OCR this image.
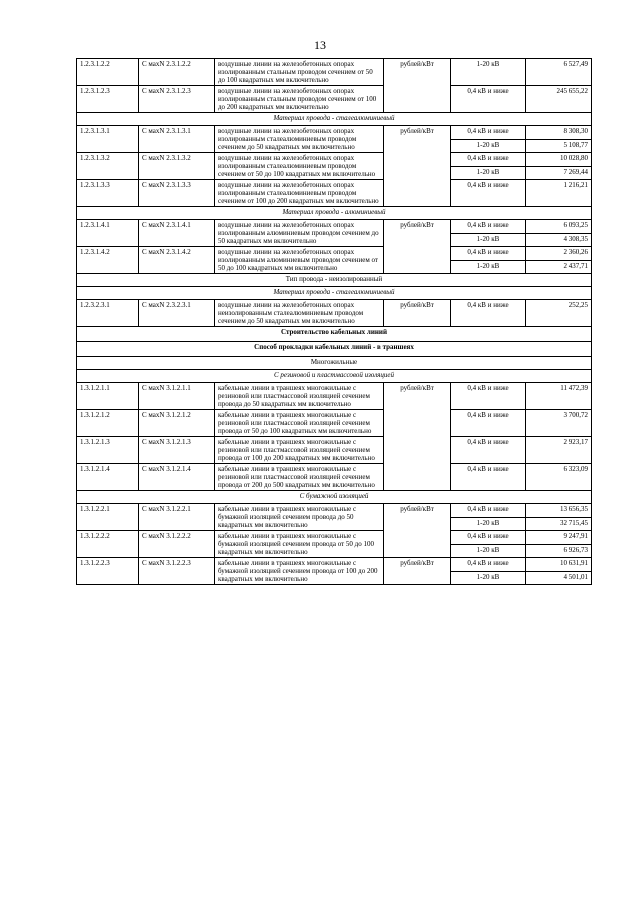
13
1.2.3.1.2.2	С махN 2.3.1.2.2	воздушные линии на железобетонных опорах изолированным стальным проводом сечением от 50 до 100 квадратных мм включительно	рублей/кВт	1-20 кВ	6 527,49
1.2.3.1.2.3	С махN 2.3.1.2.3	воздушные линии на железобетонных опорах изолированным стальным проводом сечением от 100 до 200 квадратных мм включительно		0,4 кВ и ниже	245 655,22
Материал провода - сталеалюминиевый					
1.2.3.1.3.1	С махN 2.3.1.3.1	воздушные линии на железобетонных опорах изолированным сталеалюминиевым проводом сечением до 50 квадратных мм включительно	рублей/кВт	0,4 кВ и ниже	8 308,30
				1-20 кВ	5 108,77
1.2.3.1.3.2	С махN 2.3.1.3.2	воздушные линии на железобетонных опорах изолированным сталеалюминиевым проводом сечением от 50 до 100 квадратных мм включительно		0,4 кВ и ниже	10 028,80
				1-20 кВ	7 269,44
1.2.3.1.3.3	С махN 2.3.1.3.3	воздушные линии на железобетонных опорах изолированным сталеалюминиевым проводом сечением от 100 до 200 квадратных мм включительно		0,4 кВ и ниже	1 216,21
Материал провода - алюминиевый					
1.2.3.1.4.1	С махN 2.3.1.4.1	воздушные линии на железобетонных опорах изолированным алюминиевым проводом сечением до 50 квадратных мм включительно	рублей/кВт	0,4 кВ и ниже	6 093,25
				1-20 кВ	4 308,35
1.2.3.1.4.2	С махN 2.3.1.4.2	воздушные линии на железобетонных опорах изолированным алюминиевым проводом сечением от 50 до 100 квадратных мм включительно		0,4 кВ и ниже	2 360,26
				1-20 кВ	2 437,71
Тип провода - неизолированный					
Материал провода - сталеалюминиевый					
1.2.3.2.3.1	С махN 2.3.2.3.1	воздушные линии на железобетонных опорах неизолированным сталеалюминиевым проводом сечением до 50 квадратных мм включительно	рублей/кВт	0,4 кВ и ниже	252,25
Строительство кабельных линий					
Способ прокладки кабельных линий - в траншеях					
Многожильные					
С резиновой и пластмассовой изоляцией					
1.3.1.2.1.1	С махN 3.1.2.1.1	кабельные линии в траншеях многожильные с резиновой или пластмассовой изоляцией сечением провода до 50 квадратных мм включительно	рублей/кВт	0,4 кВ и ниже	11 472,39
1.3.1.2.1.2	С махN 3.1.2.1.2	кабельные линии в траншеях многожильные с резиновой или пластмассовой изоляцией сечением провода от 50 до 100 квадратных мм включительно		0,4 кВ и ниже	3 700,72
1.3.1.2.1.3	С махN 3.1.2.1.3	кабельные линии в траншеях многожильные с резиновой или пластмассовой изоляцией сечением провода от 100 до 200 квадратных мм включительно		0,4 кВ и ниже	2 923,17
1.3.1.2.1.4	С махN 3.1.2.1.4	кабельные линии в траншеях многожильные с резиновой или пластмассовой изоляцией сечением провода от 200 до 500 квадратных мм включительно		0,4 кВ и ниже	6 323,09
С бумажной изоляцией					
1.3.1.2.2.1	С махN 3.1.2.2.1	кабельные линии в траншеях многожильные с бумажной изоляцией сечением провода до 50 квадратных мм включительно	рублей/кВт	0,4 кВ и ниже	13 656,35
				1-20 кВ	32 715,45
1.3.1.2.2.2	С махN 3.1.2.2.2	кабельные линии в траншеях многожильные с бумажной изоляцией сечением провода от 50 до 100 квадратных мм включительно		0,4 кВ и ниже	9 247,91
				1-20 кВ	6 926,73
1.3.1.2.2.3	С махN 3.1.2.2.3	кабельные линии в траншеях многожильные с бумажной изоляцией сечением провода от 100 до 200 квадратных мм включительно	рублей/кВт	0,4 кВ и ниже	10 631,91
				1-20 кВ	4 501,01
